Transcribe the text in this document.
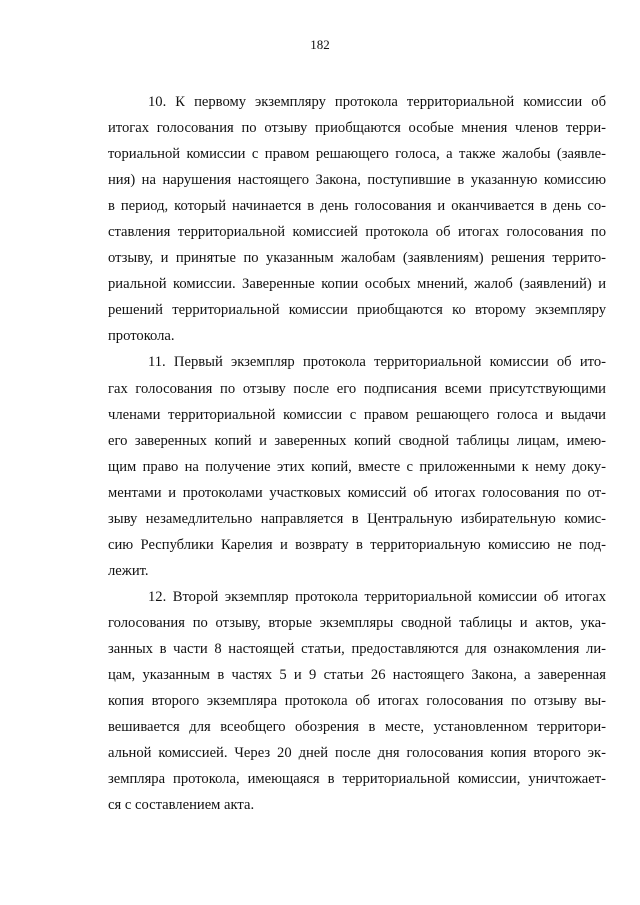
182

10. К первому экземпляру протокола территориальной комиссии об
итогах голосования по отзыву приобщаются особые мнения членов терри-
ториальной комиссии с правом решающего голоса, а также жалобы (заявле-
ния) на нарушения настоящего Закона, поступившие в указанную комиссию
в период, который начинается в день голосования и оканчивается в день со-
ставления территориальной комиссией протокола об итогах голосования по
отзыву, и принятые по указанным жалобам (заявлениям) решения террито-
риальной комиссии. Заверенные копии особых мнений, жалоб (заявлений) и
решений территориальной комиссии приобщаются ко второму экземпляру
протокола.

11. Первый экземпляр протокола территориальной комиссии об ито-
гах голосования по отзыву после его подписания всеми присутствующими
членами территориальной комиссии с правом решающего голоса и выдачи
его заверенных копий и заверенных копий сводной таблицы лицам, имею-
щим право на получение этих копий, вместе с приложенными к нему доку-
ментами и протоколами участковых комиссий об итогах голосования по от-
зыву незамедлительно направляется в Центральную избирательную комис-
сию Республики Карелия и возврату в территориальную комиссию не под-
лежит.

12. Второй экземпляр протокола территориальной комиссии об итогах
голосования по отзыву, вторые экземпляры сводной таблицы и актов, ука-
занных в части 8 настоящей статьи, предоставляются для ознакомления ли-
цам, указанным в частях 5 и 9 статьи 26 настоящего Закона, а заверенная
копия второго экземпляра протокола об итогах голосования по отзыву вы-
вешивается для всеобщего обозрения в месте, установленном территори-
альной комиссией. Через 20 дней после дня голосования копия второго эк-
земпляра протокола, имеющаяся в территориальной комиссии, уничтожает-
ся с составлением акта.
